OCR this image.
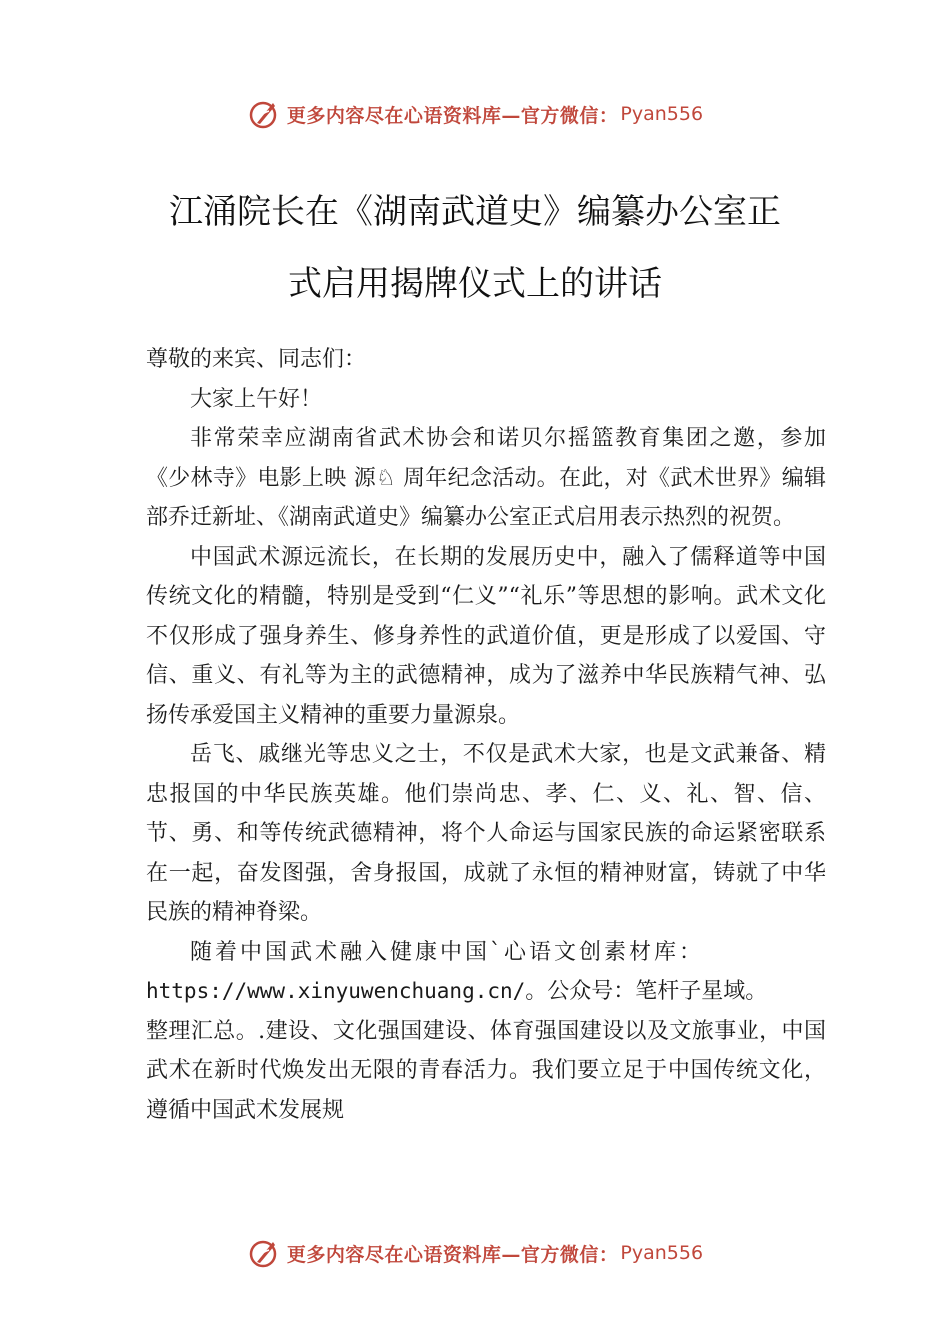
更多内容尽在心语资料库—官方微信： Pyan556
江涌院长在《湖南武道史》编纂办公室正
式启用揭牌仪式上的讲话

尊敬的来宾、同志们：

大家上午好！

非常荣幸应湖南省武术协会和诺贝尔摇篮教育集团之邀，参加《少林寺》电影上映 源♘ 周年纪念活动。在此，对《武术世界》编辑部乔迁新址、《湖南武道史》编纂办公室正式启用表示热烈的祝贺。

中国武术源远流长，在长期的发展历史中，融入了儒释道等中国传统文化的精髓，特别是受到“仁义”“礼乐”等思想的影响。武术文化不仅形成了强身养生、修身养性的武道价值，更是形成了以爱国、守信、重义、有礼等为主的武德精神，成为了滋养中华民族精气神、弘扬传承爱国主义精神的重要力量源泉。

岳飞、戚继光等忠义之士，不仅是武术大家，也是文武兼备、精忠报国的中华民族英雄。他们崇尚忠、孝、仁、义、礼、智、信、节、勇、和等传统武德精神，将个人命运与国家民族的命运紧密联系在一起，奋发图强，舍身报国，成就了永恒的精神财富，铸就了中华民族的精神脊梁。

随着中国武术融入健康中国`心语文创素材库：

https://www.xinyuwenchuang.cn/。公众号：笔杆子星域。

整理汇总。.建设、文化强国建设、体育强国建设以及文旅事业，中国武术在新时代焕发出无限的青春活力。我们要立足于中国传统文化，遵循中国武术发展规

更多内容尽在心语资料库—官方微信： Pyan556
